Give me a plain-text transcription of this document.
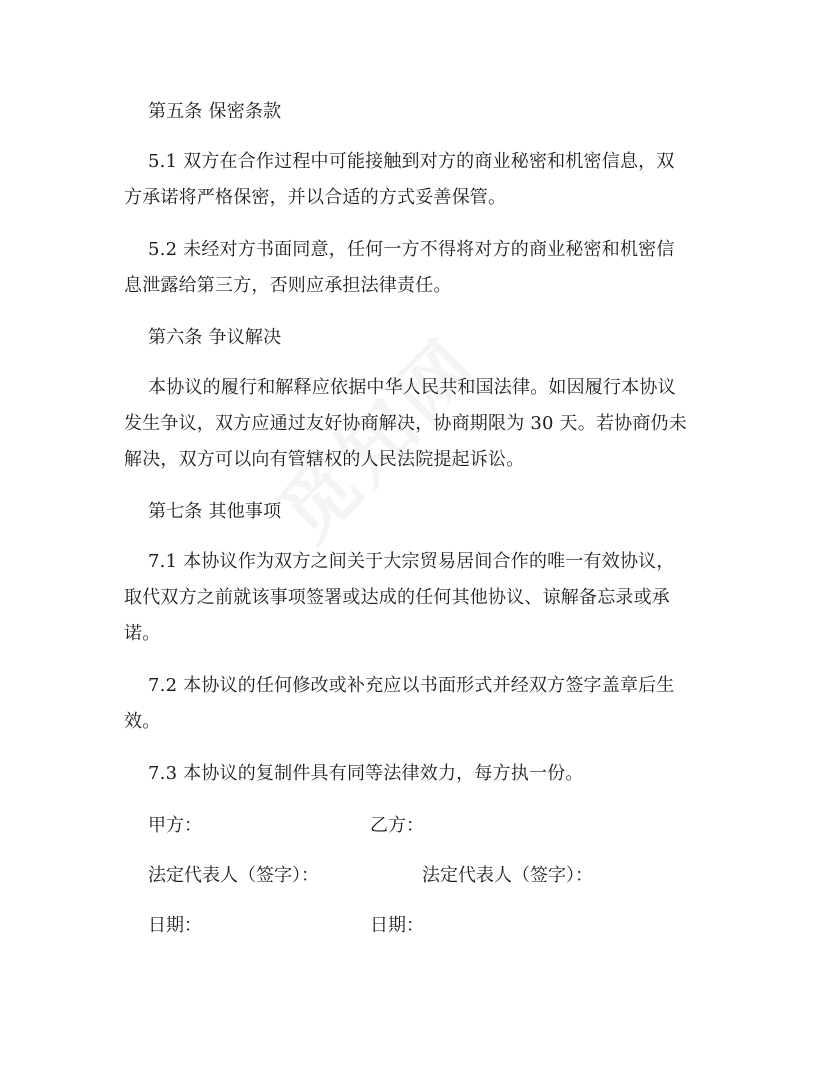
第五条 保密条款
5.1 双方在合作过程中可能接触到对方的商业秘密和机密信息，双
方承诺将严格保密，并以合适的方式妥善保管。
5.2 未经对方书面同意，任何一方不得将对方的商业秘密和机密信
息泄露给第三方，否则应承担法律责任。
第六条 争议解决
本协议的履行和解释应依据中华人民共和国法律。如因履行本协议
发生争议，双方应通过友好协商解决，协商期限为 30 天。若协商仍未
解决，双方可以向有管辖权的人民法院提起诉讼。
第七条 其他事项
7.1 本协议作为双方之间关于大宗贸易居间合作的唯一有效协议，
取代双方之前就该事项签署或达成的任何其他协议、谅解备忘录或承
诺。
7.2 本协议的任何修改或补充应以书面形式并经双方签字盖章后生
效。
7.3 本协议的复制件具有同等法律效力，每方执一份。
甲方：	乙方：
法定代表人（签字）：	法定代表人（签字）：
日期：	日期：
